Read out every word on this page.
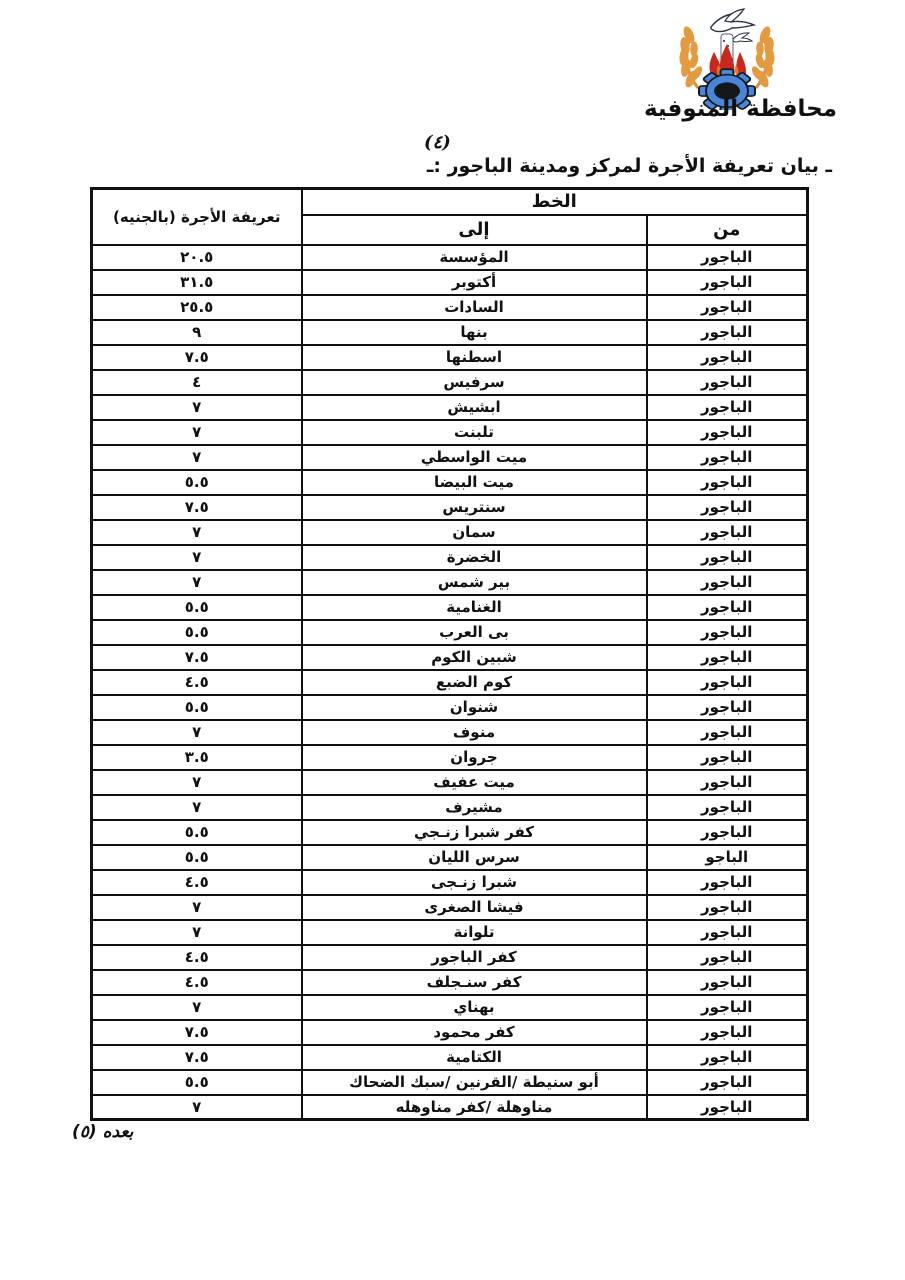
محافظة المنوفية
(٤)
ـ بيان تعريفة الأجرة لمركز ومدينة الباجور :ـ
الخط		تعريفة الأجرة (بالجنيه)
من	إلى	
الباجور	المؤسسة	٢٠.٥
الباجور	أكتوبر	٣١.٥
الباجور	السادات	٢٥.٥
الباجور	بنها	٩
الباجور	اسطنها	٧.٥
الباجور	سرفيس	٤
الباجور	ابشيش	٧
الباجور	تلبنت	٧
الباجور	ميت الواسطي	٧
الباجور	ميت البيضا	٥.٥
الباجور	سنتريس	٧.٥
الباجور	سمان	٧
الباجور	الخضرة	٧
الباجور	بير شمس	٧
الباجور	الغنامية	٥.٥
الباجور	بى العرب	٥.٥
الباجور	شبين الكوم	٧.٥
الباجور	كوم الضبع	٤.٥
الباجور	شنوان	٥.٥
الباجور	منوف	٧
الباجور	جروان	٣.٥
الباجور	ميت عفيف	٧
الباجور	مشيرف	٧
الباجور	كفر شبرا زنـجي	٥.٥
الباجو	سرس الليان	٥.٥
الباجور	شبرا زنـجى	٤.٥
الباجور	فيشا الصغرى	٧
الباجور	تلوانة	٧
الباجور	كفر الباجور	٤.٥
الباجور	كفر سنـجلف	٤.٥
الباجور	بهناي	٧
الباجور	كفر محمود	٧.٥
الباجور	الكتامية	٧.٥
الباجور	أبو سنيطة /القرنين /سبك الضحاك	٥.٥
الباجور	مناوهلة /كفر مناوهله	٧
بعده (٥)
